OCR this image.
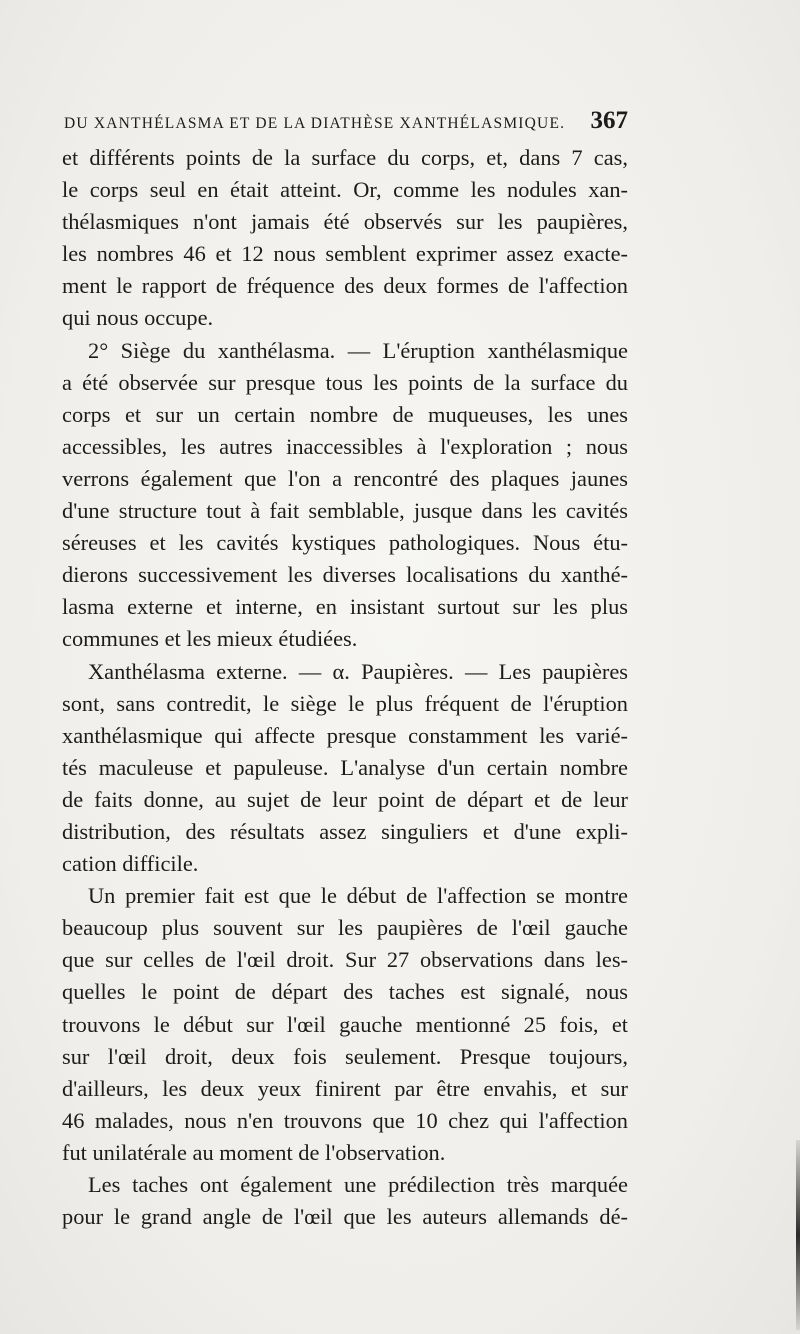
DU XANTHÉLASMA ET DE LA DIATHÈSE XANTHÉLASMIQUE. 367
et différents points de la surface du corps, et, dans 7 cas,
le corps seul en était atteint. Or, comme les nodules xan-
thélasmiques n'ont jamais été observés sur les paupières,
les nombres 46 et 12 nous semblent exprimer assez exacte-
ment le rapport de fréquence des deux formes de l'affection
qui nous occupe.
2° Siège du xanthélasma. — L'éruption xanthélasmique
a été observée sur presque tous les points de la surface du
corps et sur un certain nombre de muqueuses, les unes
accessibles, les autres inaccessibles à l'exploration ; nous
verrons également que l'on a rencontré des plaques jaunes
d'une structure tout à fait semblable, jusque dans les cavités
séreuses et les cavités kystiques pathologiques. Nous étu-
dierons successivement les diverses localisations du xanthé-
lasma externe et interne, en insistant surtout sur les plus
communes et les mieux étudiées.
Xanthélasma externe. — α. Paupières. — Les paupières
sont, sans contredit, le siège le plus fréquent de l'éruption
xanthélasmique qui affecte presque constamment les varié-
tés maculeuse et papuleuse. L'analyse d'un certain nombre
de faits donne, au sujet de leur point de départ et de leur
distribution, des résultats assez singuliers et d'une expli-
cation difficile.
Un premier fait est que le début de l'affection se montre
beaucoup plus souvent sur les paupières de l'œil gauche
que sur celles de l'œil droit. Sur 27 observations dans les-
quelles le point de départ des taches est signalé, nous
trouvons le début sur l'œil gauche mentionné 25 fois, et
sur l'œil droit, deux fois seulement. Presque toujours,
d'ailleurs, les deux yeux finirent par être envahis, et sur
46 malades, nous n'en trouvons que 10 chez qui l'affection
fut unilatérale au moment de l'observation.
Les taches ont également une prédilection très marquée
pour le grand angle de l'œil que les auteurs allemands dé-
